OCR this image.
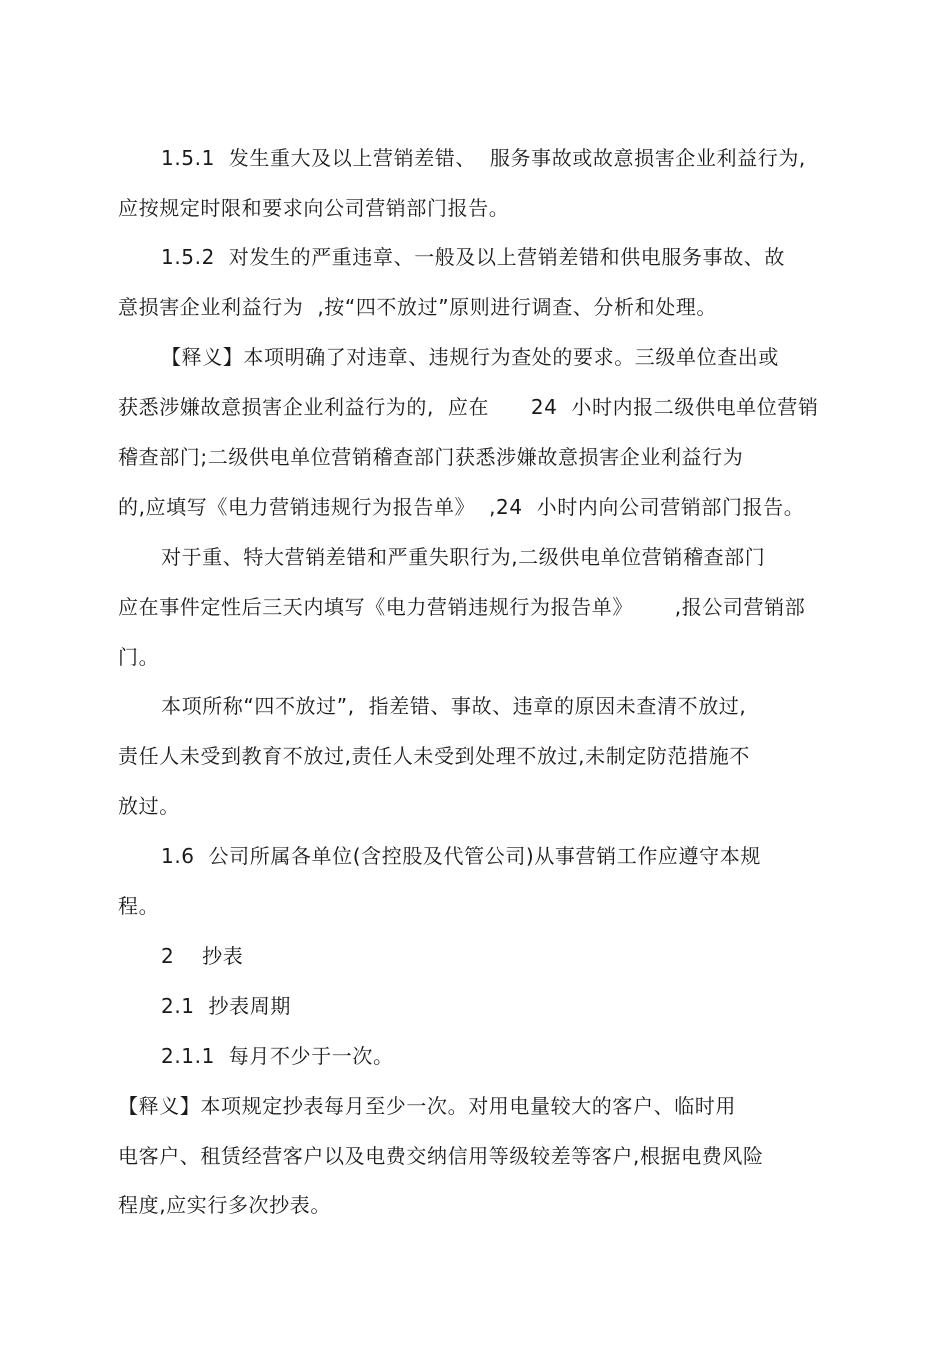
1.5.1  发生重大及以上营销差错、  服务事故或故意损害企业利益行为,
应按规定时限和要求向公司营销部门报告。
1.5.2  对发生的严重违章、一般及以上营销差错和供电服务事故、故
意损害企业利益行为  ,按“四不放过”原则进行调查、分析和处理。
【释义】本项明确了对违章、违规行为查处的要求。三级单位查出或
获悉涉嫌故意损害企业利益行为的,  应在      24  小时内报二级供电单位营销
稽查部门;二级供电单位营销稽查部门获悉涉嫌故意损害企业利益行为
的,应填写《电力营销违规行为报告单》  ,24  小时内向公司营销部门报告。
对于重、特大营销差错和严重失职行为,二级供电单位营销稽查部门
应在事件定性后三天内填写《电力营销违规行为报告单》      ,报公司营销部
门。
本项所称“四不放过”,  指差错、事故、违章的原因未查清不放过,
责任人未受到教育不放过,责任人未受到处理不放过,未制定防范措施不
放过。
1.6  公司所属各单位(含控股及代管公司)从事营销工作应遵守本规
程。
2    抄表
2.1  抄表周期
2.1.1  每月不少于一次。
【释义】本项规定抄表每月至少一次。对用电量较大的客户、临时用
电客户、租赁经营客户以及电费交纳信用等级较差等客户,根据电费风险
程度,应实行多次抄表。
